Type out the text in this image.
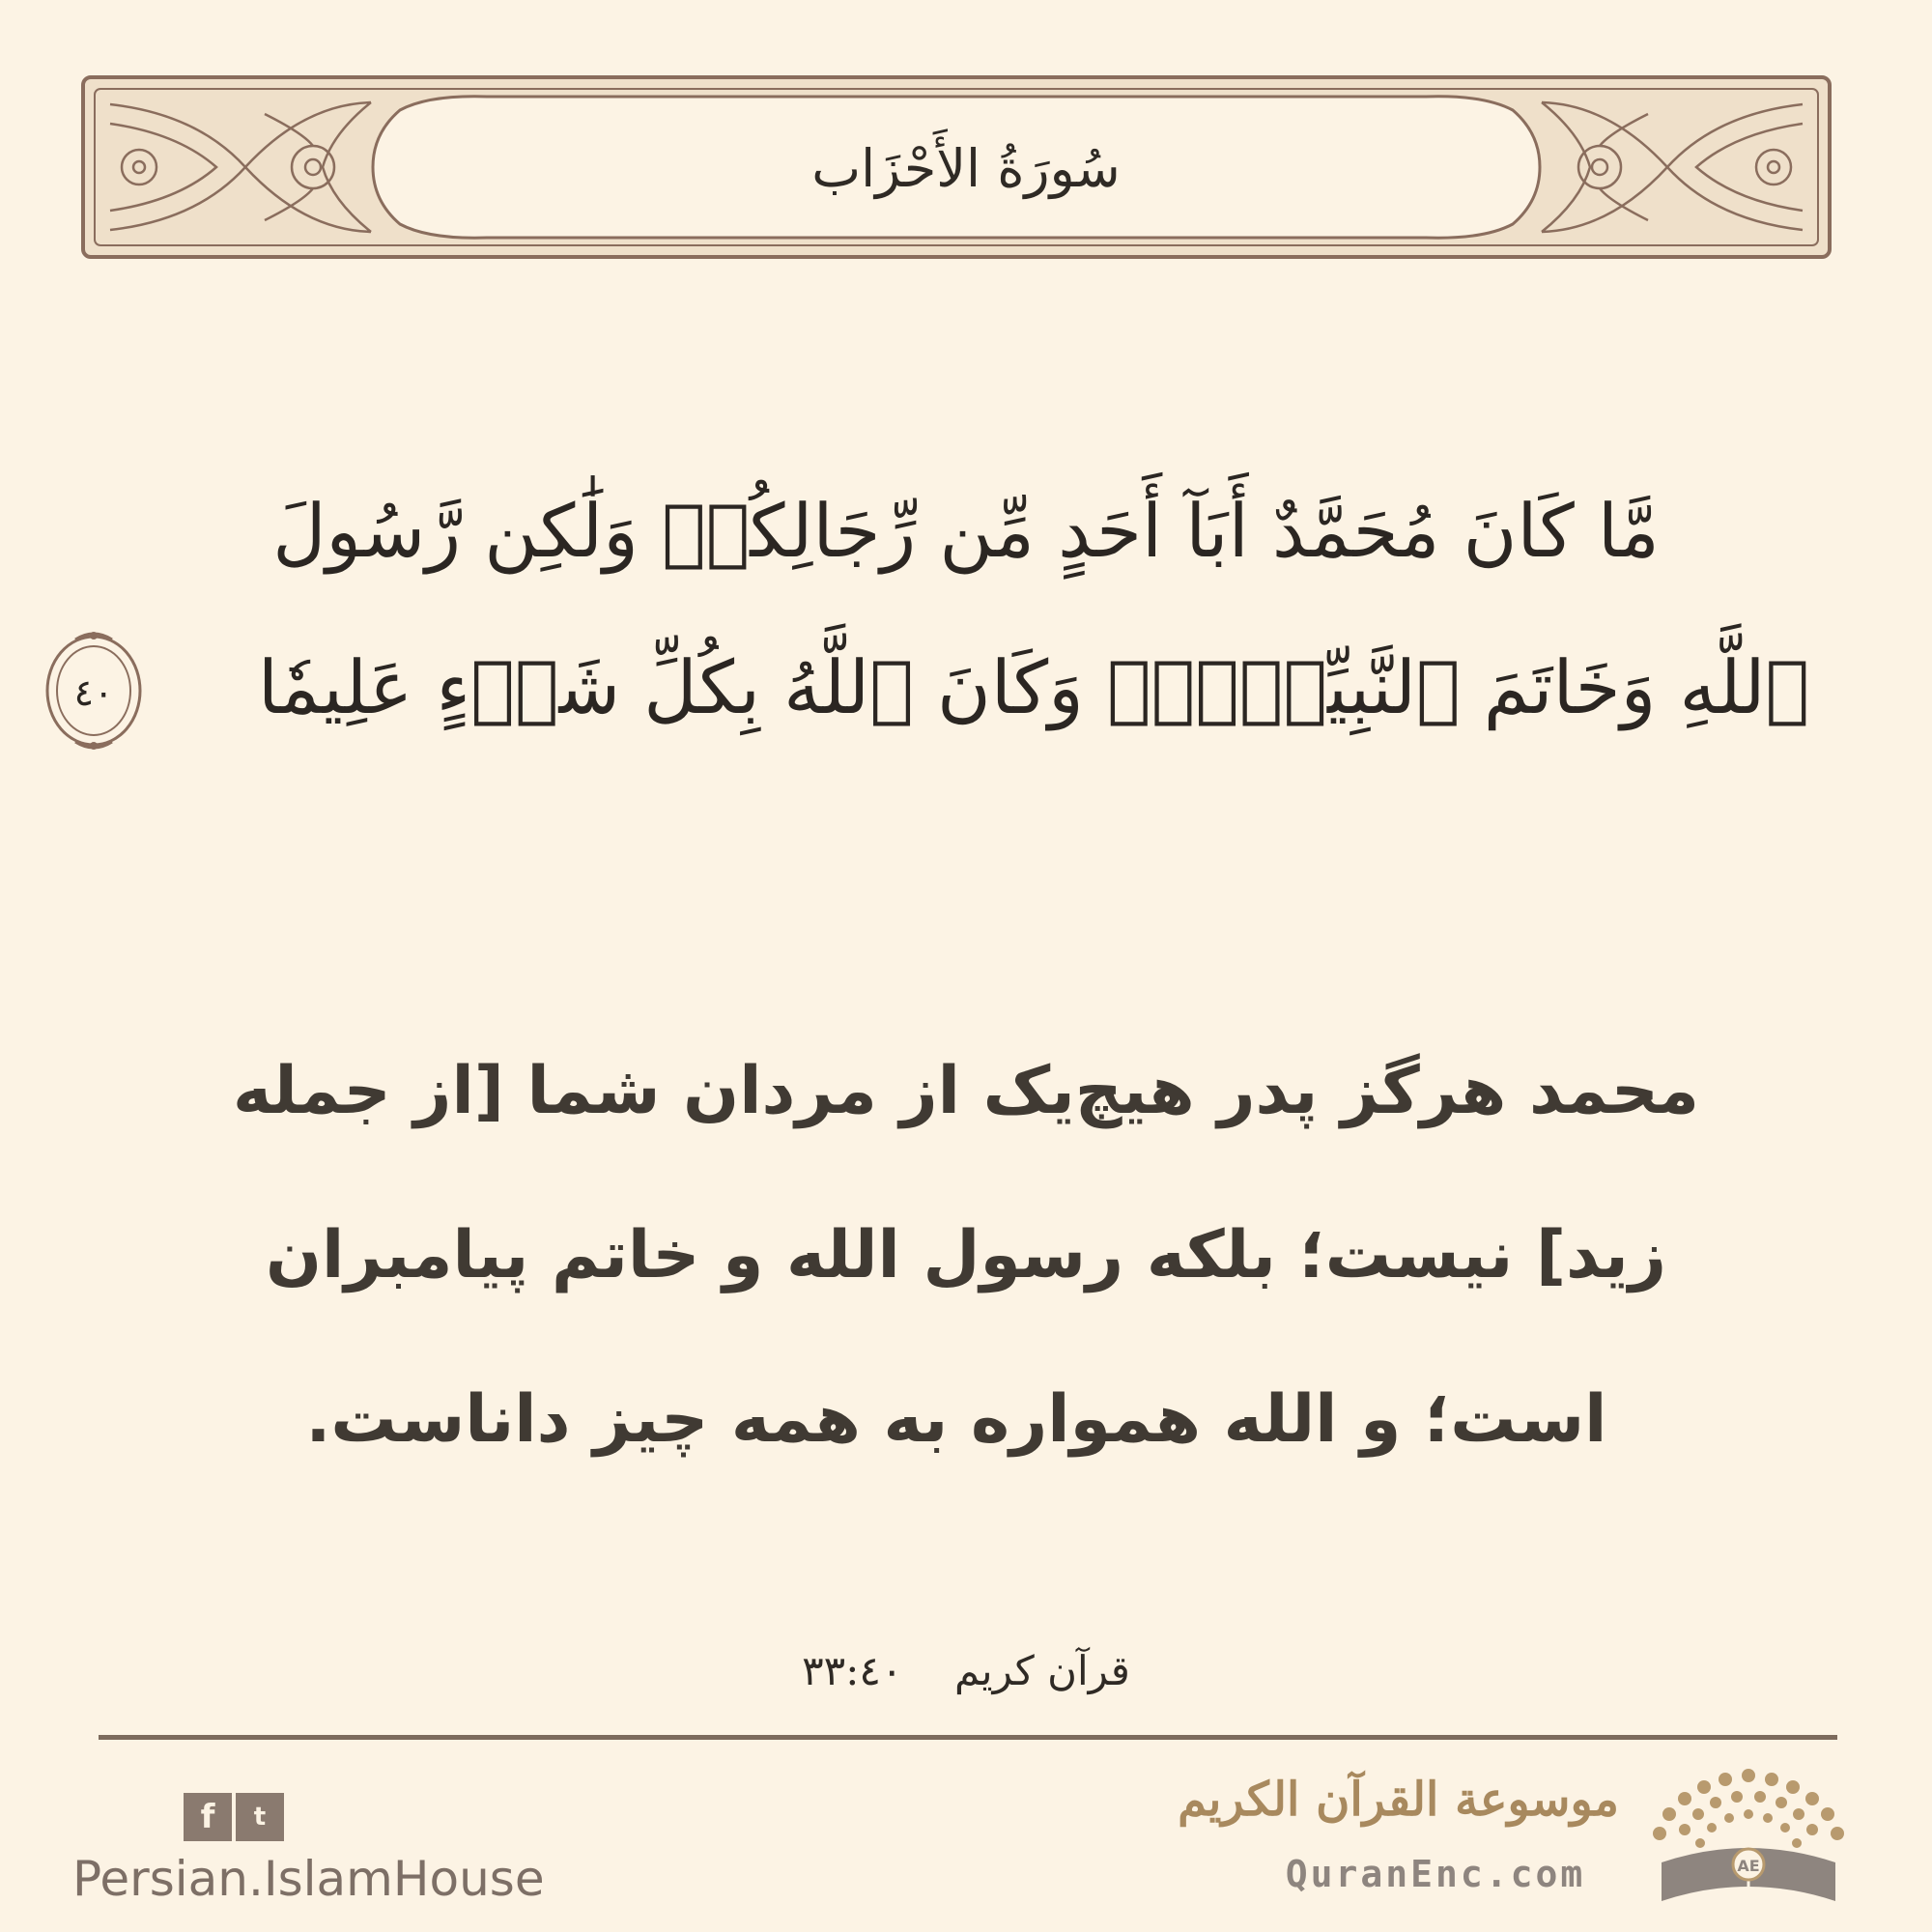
سُورَةُ الأَحْزَاب
مَّا كَانَ مُحَمَّدٌ أَبَآ أَحَدٍ مِّن رِّجَالِكُمۡ وَلَٰكِن رَّسُولَ
ٱللَّهِ وَخَاتَمَ ٱلنَّبِيِّـۧنَۗ وَكَانَ ٱللَّهُ بِكُلِّ شَيۡءٍ عَلِيمٗا
٤٠
محمد هرگز پدر هیچ‌یک از مردان شما [از جمله
زید] نیست؛ بلکه رسول الله و خاتم پیامبران
است؛ و الله همواره به همه چیز داناست.
قرآن کریم    ٣٣:٤٠
f	t
Persian.IslamHouse
موسوعة القرآن الكريم
QuranEnc.com	AE
